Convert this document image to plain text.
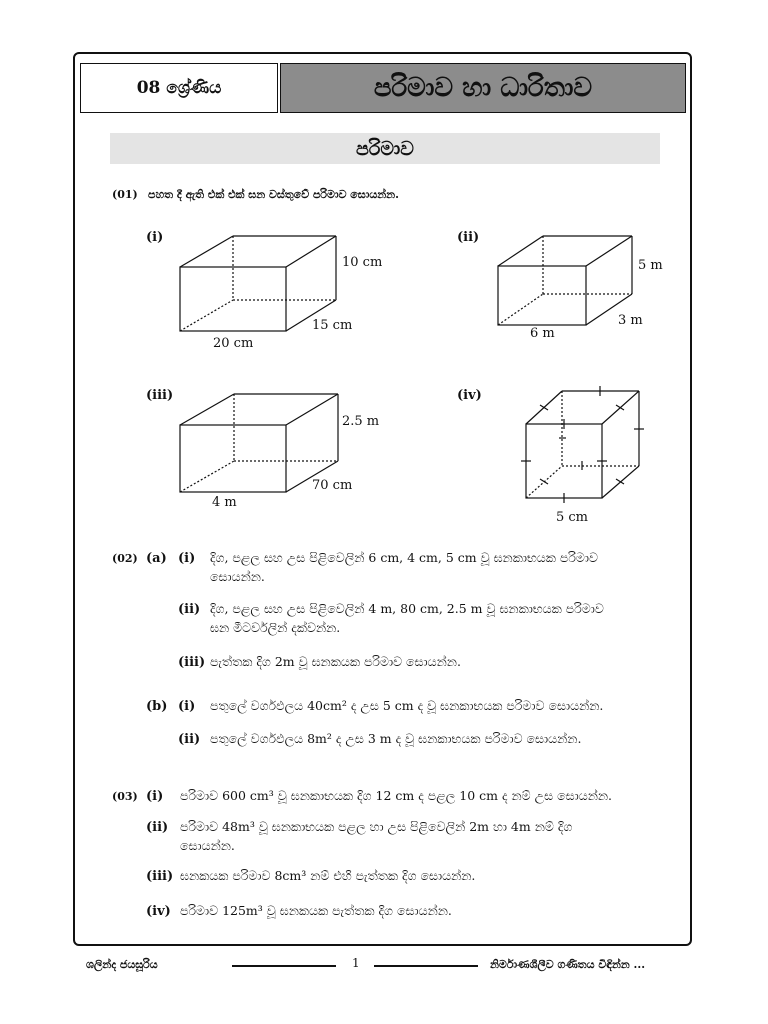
08 ශ්‍රේණිය	පරිමාව හා ධාරිතාව
පරිමාව
(01) පහත දී ඇති එක් එක් ඝන වස්තුවේ පරිමාව සොයන්න.
(i)
10 cm
15 cm
20 cm
(ii)
5 m
3 m
6 m
(iii)
2.5 m
70 cm
4 m
(iv)
5 cm
(02) (a) (i) දිග, පළල සහ උස පිළිවෙලින් 6 cm, 4 cm, 5 cm වූ ඝනකාභයක පරිමාව
සොයන්න.
(ii) දිග, පළල සහ උස පිළිවෙලින් 4 m, 80 cm, 2.5 m වූ ඝනකාභයක පරිමාව
ඝන මීටර්වලින් දක්වන්න.
(iii) පැත්තක දිග 2m වූ ඝනකයක පරිමාව සොයන්න.
(b) (i) පතුලේ වර්ගඵලය 40cm² ද උස 5 cm ද වූ ඝනකාභයක පරිමාව සොයන්න.
(ii) පතුලේ වර්ගඵලය 8m² ද උස 3 m ද වූ ඝනකාභයක පරිමාව සොයන්න.
(03) (i) පරිමාව 600 cm³ වූ ඝනකාභයක දිග 12 cm ද පළල 10 cm ද නම් උස සොයන්න.
(ii) පරිමාව 48m³ වූ ඝනකාභයක පළල හා උස පිළිවෙලින් 2m හා 4m නම් දිග
සොයන්න.
(iii) ඝනකයක පරිමාව 8cm³ නම් එහි පැත්තක දිග සොයන්න.
(iv) පරිමාව 125m³ වූ ඝනකයක පැත්තක දිග සොයන්න.
ශලින්ද ජයසූරිය	1	නිර්මාණශීලීව ගණිතය විඳින්න ...
